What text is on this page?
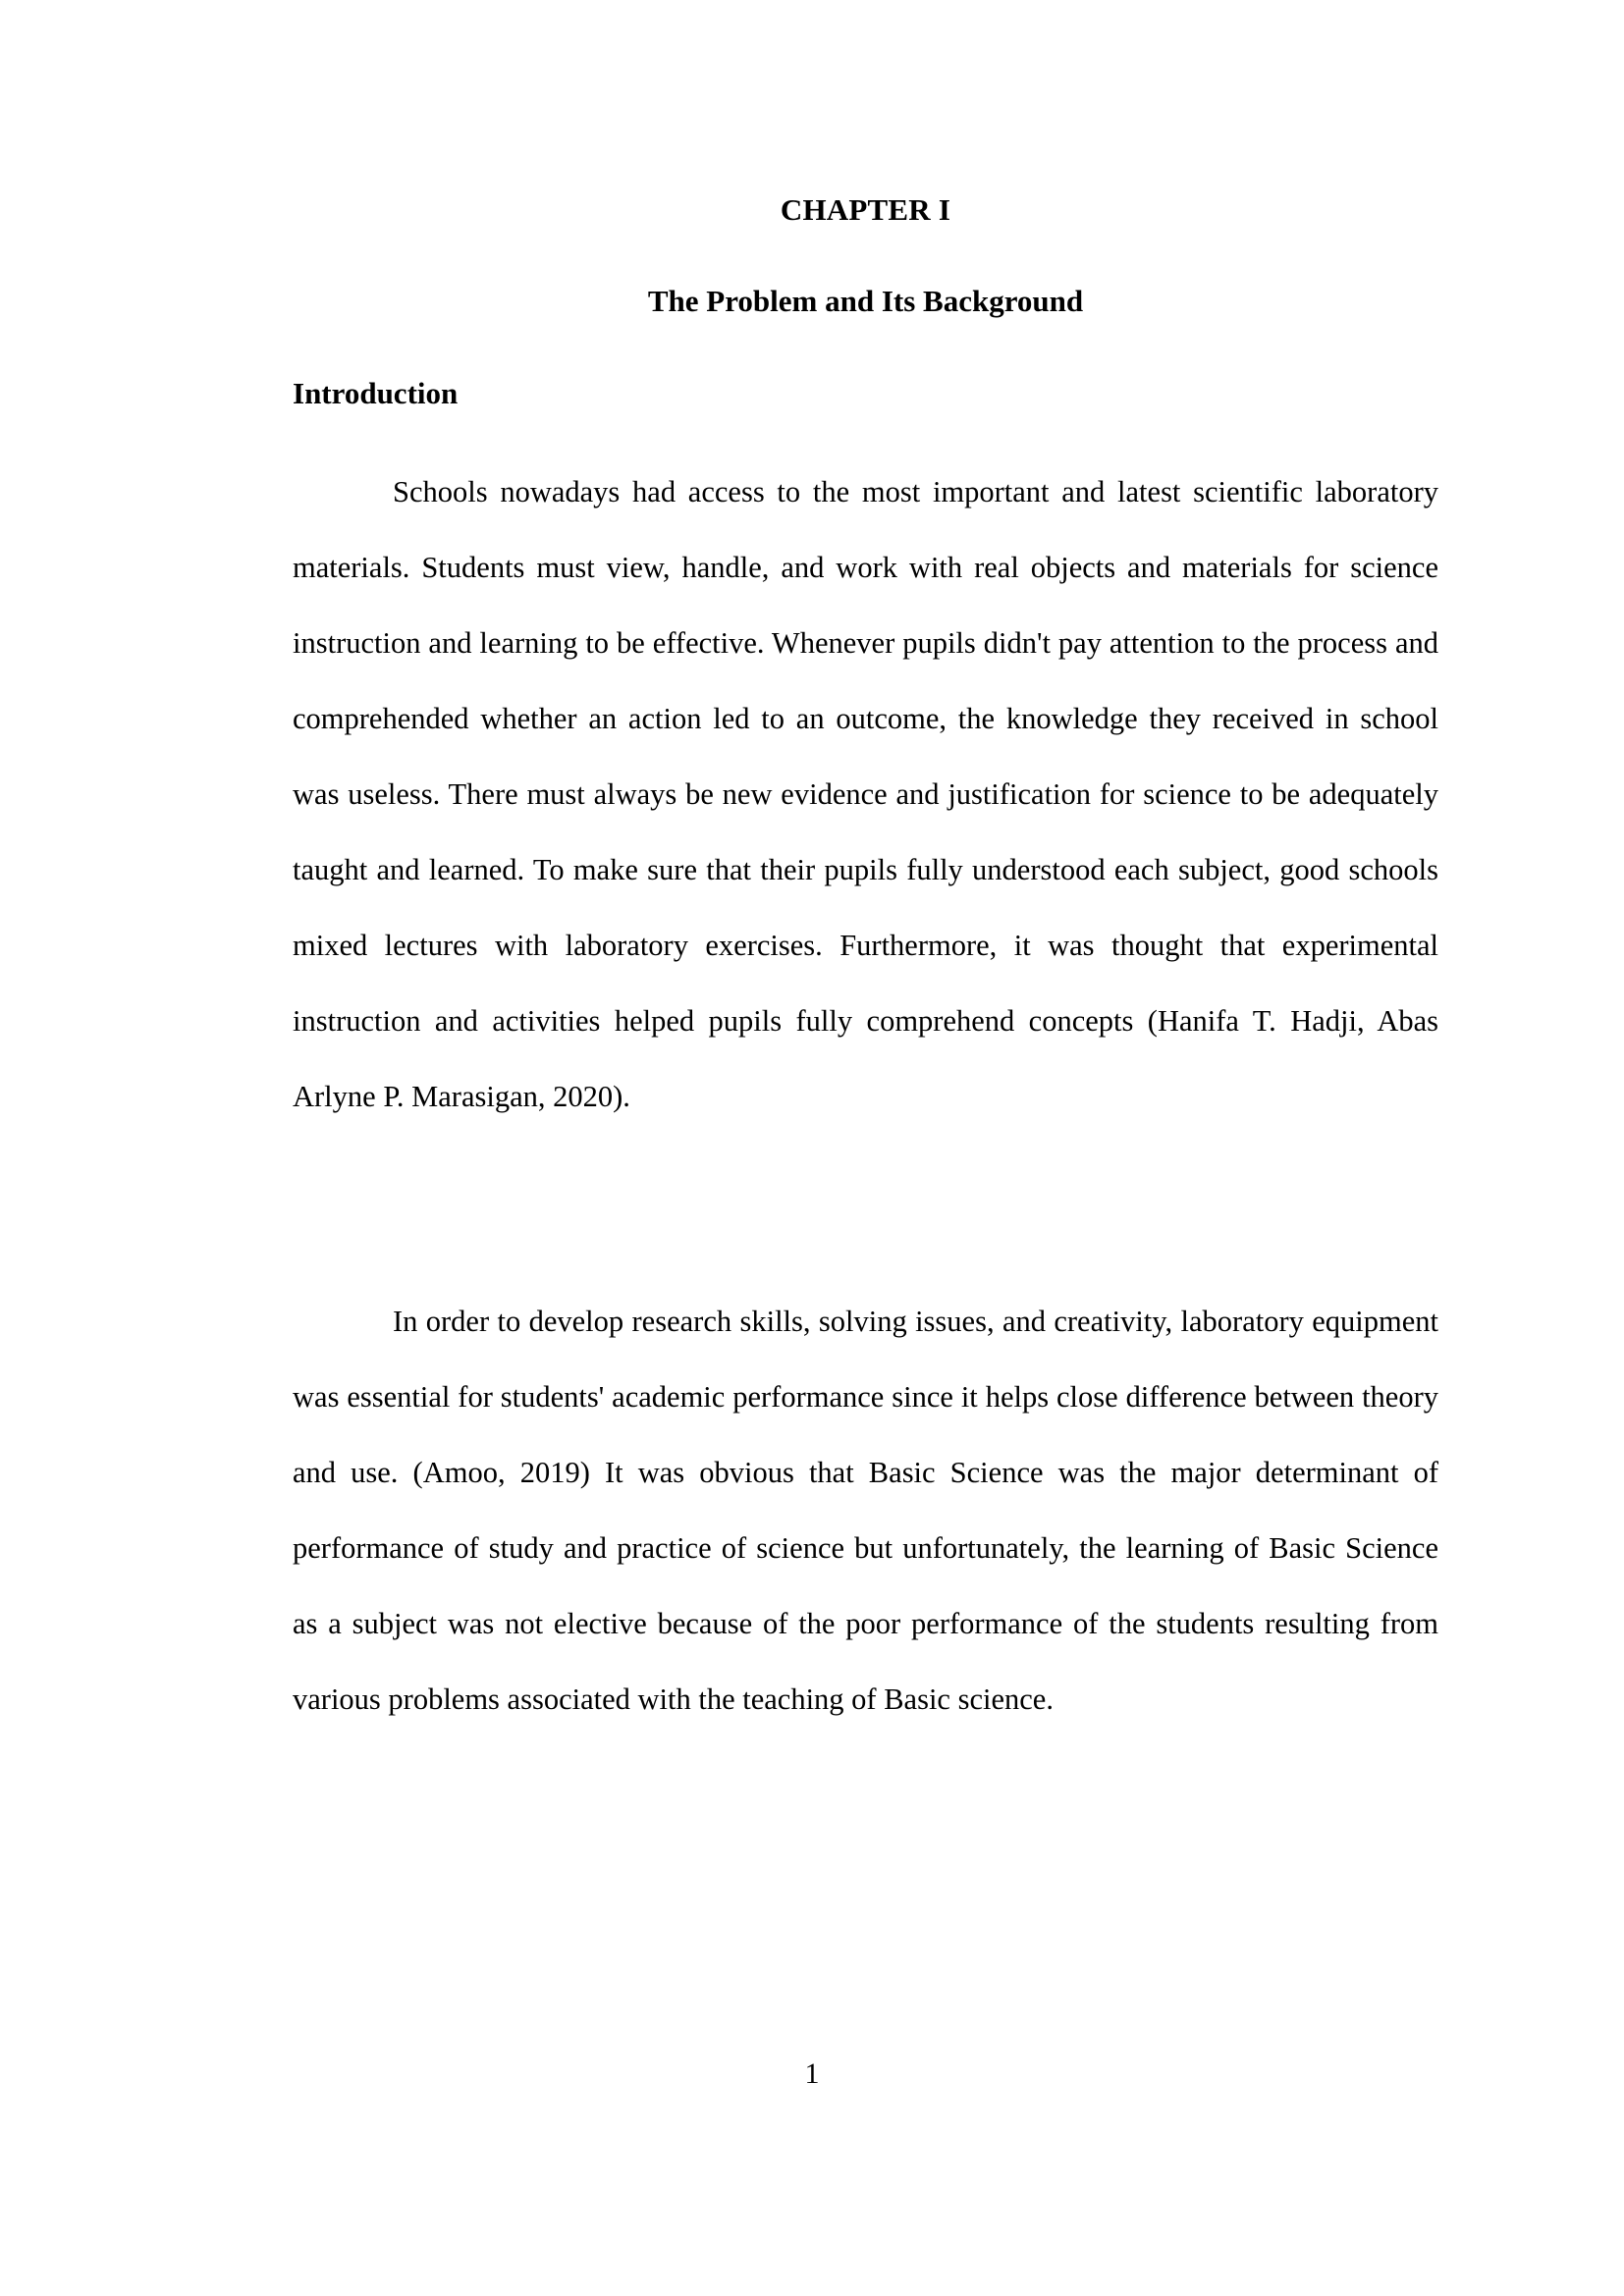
CHAPTER I
The Problem and Its Background
Introduction

Schools nowadays had access to the most important and latest scientific laboratory materials. Students must view, handle, and work with real objects and materials for science instruction and learning to be effective. Whenever pupils didn't pay attention to the process and comprehended whether an action led to an outcome, the knowledge they received in school was useless. There must always be new evidence and justification for science to be adequately taught and learned. To make sure that their pupils fully understood each subject, good schools mixed lectures with laboratory exercises. Furthermore, it was thought that experimental instruction and activities helped pupils fully comprehend concepts (Hanifa T. Hadji, Abas Arlyne P. Marasigan, 2020).

In order to develop research skills, solving issues, and creativity, laboratory equipment was essential for students' academic performance since it helps close difference between theory and use. (Amoo, 2019) It was obvious that Basic Science was the major determinant of performance of study and practice of science but unfortunately, the learning of Basic Science as a subject was not elective because of the poor performance of the students resulting from various problems associated with the teaching of Basic science.

1
